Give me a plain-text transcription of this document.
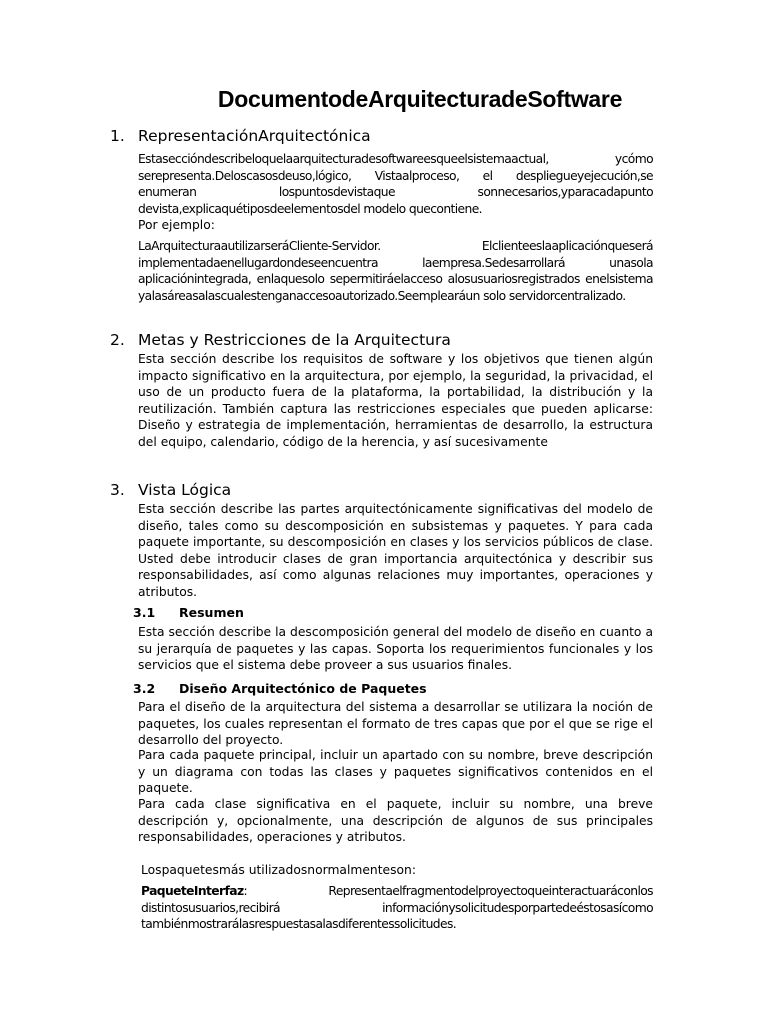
DocumentodeArquitecturadeSoftware
1. RepresentaciónArquitectónica
Estaseccióndescribeloquelaarquitecturadesoftwareesqueelsistemaactual, ycómo serepresenta.Deloscasosdeuso,lógico, Vistaalproceso, el despliegueyejecución,se enumeran lospuntosdevistaque sonnecesarios,yparacadapunto devista,explicaquétiposdeelementosdel modelo quecontiene.
Por ejemplo:
LaArquitecturaautilizarseráCliente-Servidor. Elclienteeslaaplicaciónqueserá implementadaenellugardondeseencuentra laempresa.Sedesarrollará unasola aplicaciónintegrada, enlaquesolo sepermitiráelacceso alosusuariosregistrados enelsistema yalasáreasalascualestenganaccesoautorizado.Seemplearáun solo servidorcentralizado.
2. Metas y Restricciones de la Arquitectura
Esta sección describe los requisitos de software y los objetivos que tienen algún impacto significativo en la arquitectura, por ejemplo, la seguridad, la privacidad, el uso de un producto fuera de la plataforma, la portabilidad, la distribución y la reutilización. También captura las restricciones especiales que pueden aplicarse: Diseño y estrategia de implementación, herramientas de desarrollo, la estructura del equipo, calendario, código de la herencia, y así sucesivamente
3. Vista Lógica
Esta sección describe las partes arquitectónicamente significativas del modelo de diseño, tales como su descomposición en subsistemas y paquetes. Y para cada paquete importante, su descomposición en clases y los servicios públicos de clase. Usted debe introducir clases de gran importancia arquitectónica y describir sus responsabilidades, así como algunas relaciones muy importantes, operaciones y atributos.
3.1 Resumen
Esta sección describe la descomposición general del modelo de diseño en cuanto a su jerarquía de paquetes y las capas. Soporta los requerimientos funcionales y los servicios que el sistema debe proveer a sus usuarios finales.
3.2 Diseño Arquitectónico de Paquetes
Para el diseño de la arquitectura del sistema a desarrollar se utilizara la noción de paquetes, los cuales representan el formato de tres capas que por el que se rige el desarrollo del proyecto.
Para cada paquete principal, incluir un apartado con su nombre, breve descripción y un diagrama con todas las clases y paquetes significativos contenidos en el paquete.
Para cada clase significativa en el paquete, incluir su nombre, una breve descripción y, opcionalmente, una descripción de algunos de sus principales responsabilidades, operaciones y atributos.
Lospaquetesmás utilizadosnormalmenteson:
PaqueteInterfaz: Representaelfragmentodelproyectoqueinteractuaráconlos distintosusuarios,recibirá informaciónysolicitudesporpartedeéstosasícomo tambiénmostrarálasrespuestasalasdiferentessolicitudes.
